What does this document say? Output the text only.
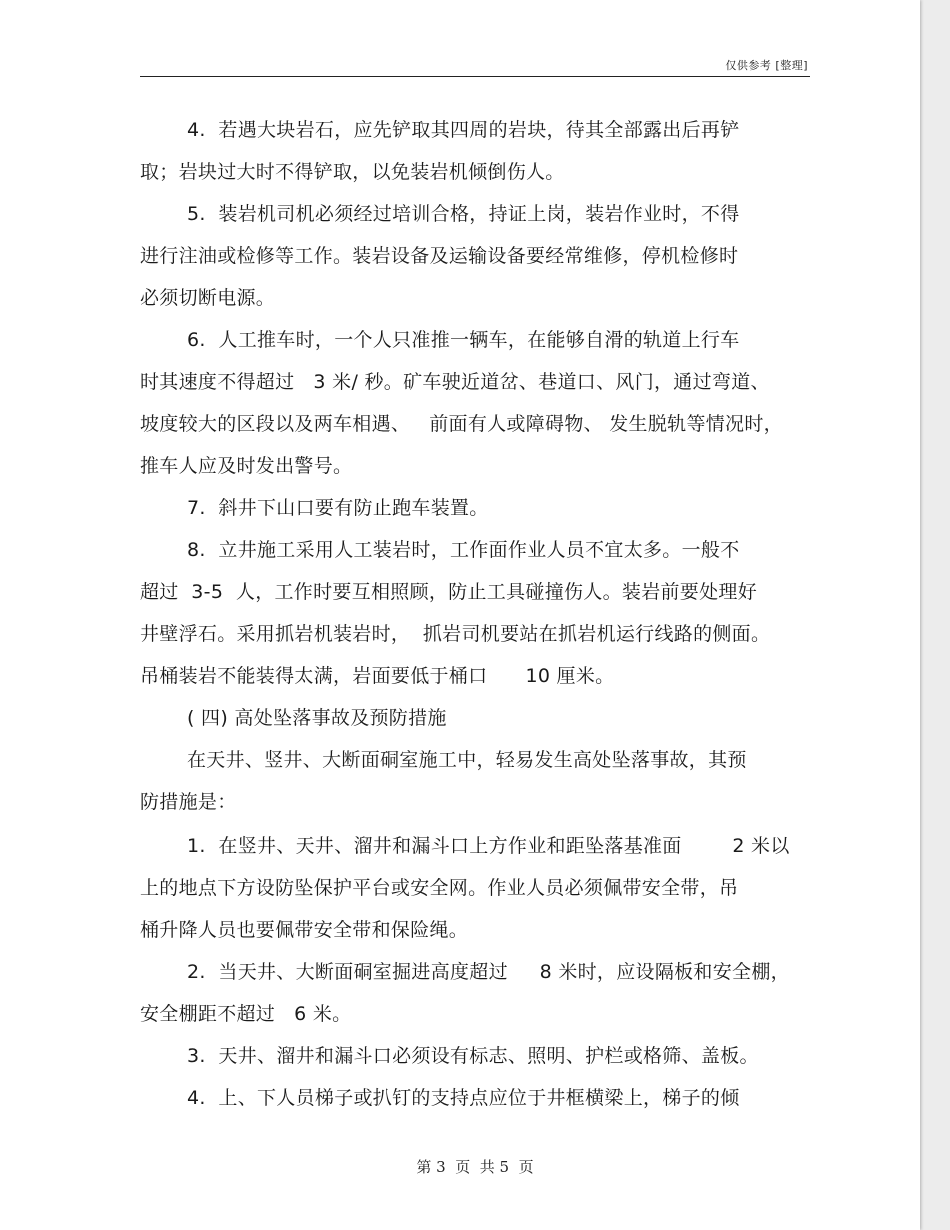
仅供参考 [整理]
4.  若遇大块岩石，应先铲取其四周的岩块，待其全部露出后再铲
取；岩块过大时不得铲取，以免装岩机倾倒伤人。
5.  装岩机司机必须经过培训合格，持证上岗，装岩作业时，不得
进行注油或检修等工作。装岩设备及运输设备要经常维修，停机检修时
必须切断电源。
6.  人工推车时，一个人只准推一辆车，在能够自滑的轨道上行车
时其速度不得超过   3 米/ 秒。矿车驶近道岔、巷道口、风门，通过弯道、
坡度较大的区段以及两车相遇、   前面有人或障碍物、 发生脱轨等情况时，
推车人应及时发出警号。
7.  斜井下山口要有防止跑车装置。
8.  立井施工采用人工装岩时，工作面作业人员不宜太多。一般不
超过  3-5  人，工作时要互相照顾，防止工具碰撞伤人。装岩前要处理好
井壁浮石。采用抓岩机装岩时，  抓岩司机要站在抓岩机运行线路的侧面。
吊桶装岩不能装得太满，岩面要低于桶口      10 厘米。
( 四) 高处坠落事故及预防措施
在天井、竖井、大断面硐室施工中，轻易发生高处坠落事故，其预
防措施是：
1.  在竖井、天井、溜井和漏斗口上方作业和距坠落基准面        2 米以
上的地点下方设防坠保护平台或安全网。作业人员必须佩带安全带，吊
桶升降人员也要佩带安全带和保险绳。
2.  当天井、大断面硐室掘进高度超过     8 米时，应设隔板和安全棚，
安全棚距不超过   6 米。
3.  天井、溜井和漏斗口必须设有标志、照明、护栏或格筛、盖板。
4.  上、下人员梯子或扒钉的支持点应位于井框横梁上，梯子的倾
第 3  页  共 5  页
